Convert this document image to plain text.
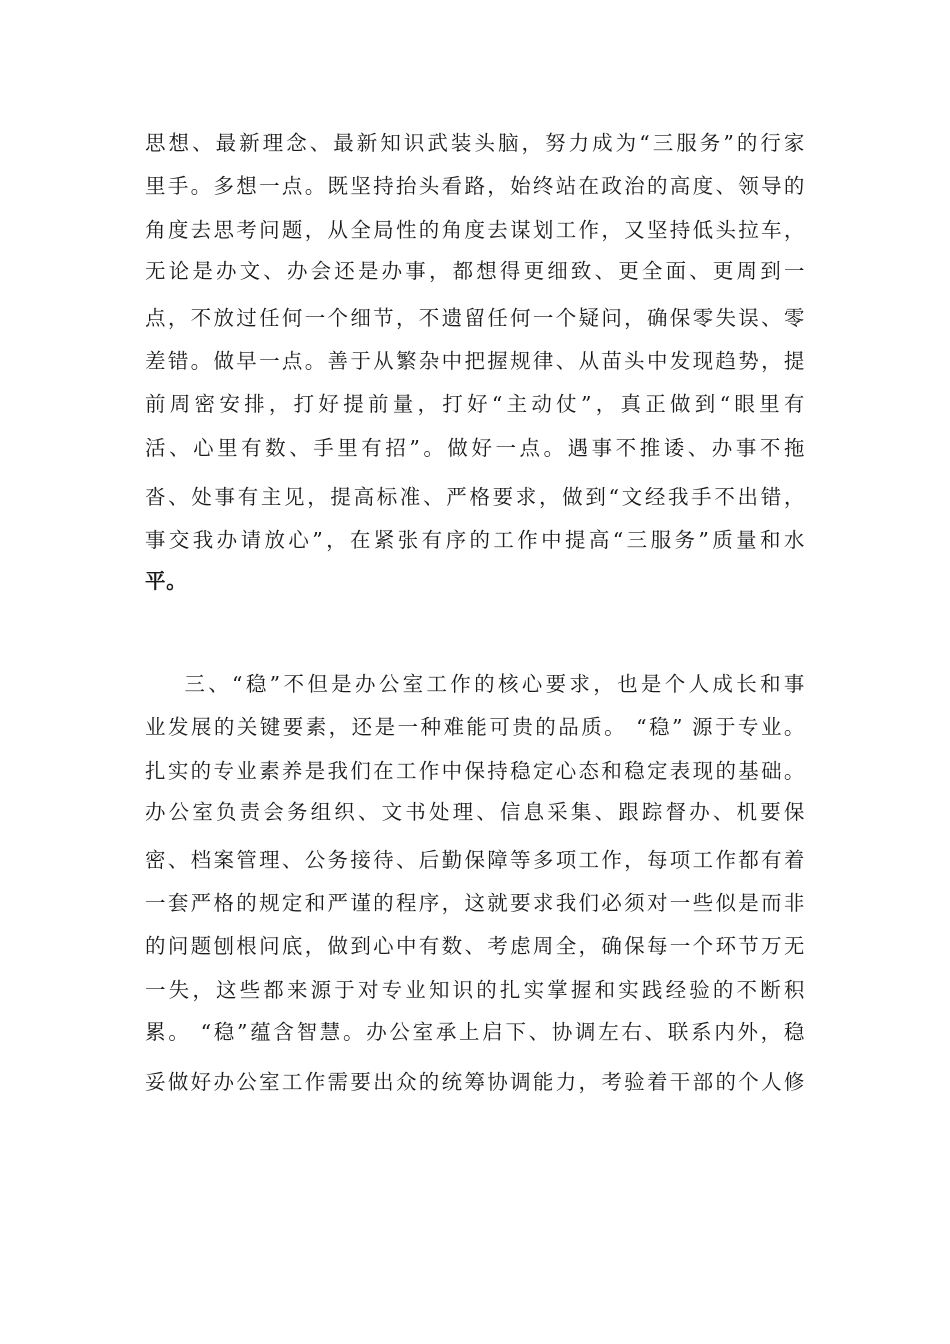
思想、最新理念、最新知识武装头脑，努力成为“三服务”的行家
里手。多想一点。既坚持抬头看路，始终站在政治的高度、领导的
角度去思考问题，从全局性的角度去谋划工作，又坚持低头拉车，
无论是办文、办会还是办事，都想得更细致、更全面、更周到一
点，不放过任何一个细节，不遗留任何一个疑问，确保零失误、零
差错。做早一点。善于从繁杂中把握规律、从苗头中发现趋势，提
前周密安排，打好提前量，打好“主动仗”，真正做到“眼里有
活、心里有数、手里有招”。做好一点。遇事不推诿、办事不拖
沓、处事有主见，提高标准、严格要求，做到“文经我手不出错，
事交我办请放心”，在紧张有序的工作中提高“三服务”质量和水
平。
三、“稳”不但是办公室工作的核心要求，也是个人成长和事
业发展的关键要素，还是一种难能可贵的品质。 “稳” 源于专业。
扎实的专业素养是我们在工作中保持稳定心态和稳定表现的基础。
办公室负责会务组织、文书处理、信息采集、跟踪督办、机要保
密、档案管理、公务接待、后勤保障等多项工作，每项工作都有着
一套严格的规定和严谨的程序，这就要求我们必须对一些似是而非
的问题刨根问底，做到心中有数、考虑周全，确保每一个环节万无
一失，这些都来源于对专业知识的扎实掌握和实践经验的不断积
累。 “稳”蕴含智慧。办公室承上启下、协调左右、联系内外，稳
妥做好办公室工作需要出众的统筹协调能力，考验着干部的个人修
